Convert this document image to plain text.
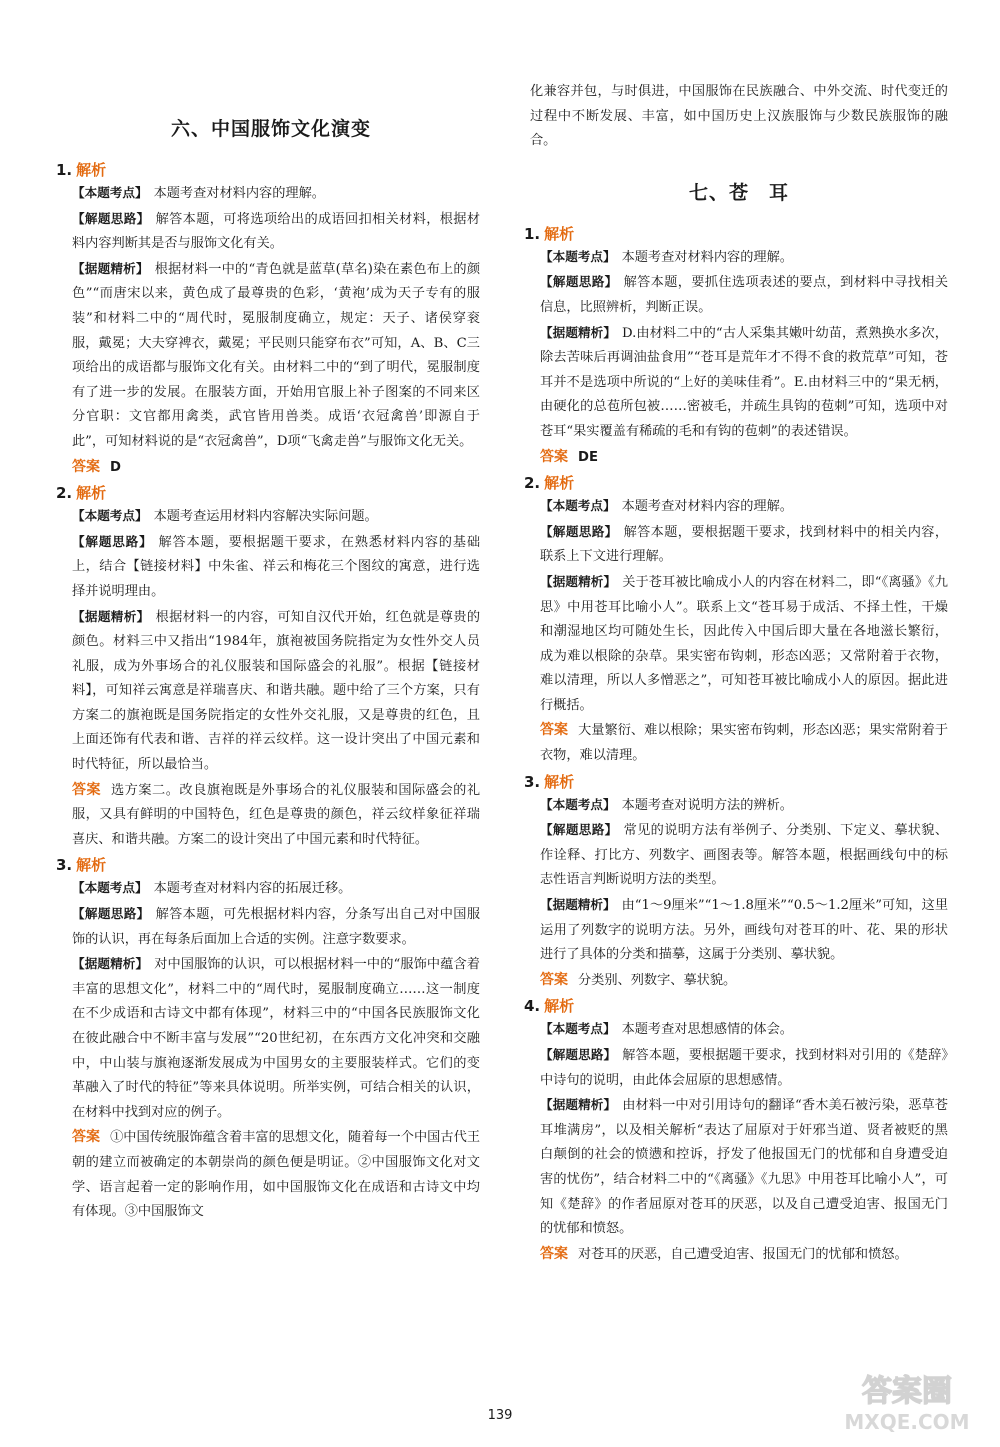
六、中国服饰文化演变
1. 解析

【本题考点】 本题考查对材料内容的理解。

【解题思路】 解答本题，可将选项给出的成语回扣相关材料，根据材料内容判断其是否与服饰文化有关。

【据题精析】 根据材料一中的“青色就是蓝草(草名)染在素色布上的颜色”“而唐宋以来，黄色成了最尊贵的色彩，‘黄袍’成为天子专有的服装”和材料二中的“周代时，冕服制度确立，规定：天子、诸侯穿衮服，戴冕；大夫穿裨衣，戴冕；平民则只能穿布衣”可知，A、B、C三项给出的成语都与服饰文化有关。由材料二中的“到了明代，冕服制度有了进一步的发展。在服装方面，开始用官服上补子图案的不同来区分官职：文官都用禽类，武官皆用兽类。成语‘衣冠禽兽’即源自于此”，可知材料说的是“衣冠禽兽”，D项“飞禽走兽”与服饰文化无关。

答案 D

2. 解析

【本题考点】 本题考查运用材料内容解决实际问题。

【解题思路】 解答本题，要根据题干要求，在熟悉材料内容的基础上，结合【链接材料】中朱雀、祥云和梅花三个图纹的寓意，进行选择并说明理由。

【据题精析】 根据材料一的内容，可知自汉代开始，红色就是尊贵的颜色。材料三中又指出“1984年，旗袍被国务院指定为女性外交人员礼服，成为外事场合的礼仪服装和国际盛会的礼服”。根据【链接材料】，可知祥云寓意是祥瑞喜庆、和谐共融。题中给了三个方案，只有方案二的旗袍既是国务院指定的女性外交礼服，又是尊贵的红色，且上面还饰有代表和谐、吉祥的祥云纹样。这一设计突出了中国元素和时代特征，所以最恰当。

答案 选方案二。改良旗袍既是外事场合的礼仪服装和国际盛会的礼服，又具有鲜明的中国特色，红色是尊贵的颜色，祥云纹样象征祥瑞喜庆、和谐共融。方案二的设计突出了中国元素和时代特征。

3. 解析

【本题考点】 本题考查对材料内容的拓展迁移。

【解题思路】 解答本题，可先根据材料内容，分条写出自己对中国服饰的认识，再在每条后面加上合适的实例。注意字数要求。

【据题精析】 对中国服饰的认识，可以根据材料一中的“服饰中蕴含着丰富的思想文化”，材料二中的“周代时，冕服制度确立……这一制度在不少成语和古诗文中都有体现”，材料三中的“中国各民族服饰文化在彼此融合中不断丰富与发展”“20世纪初，在东西方文化冲突和交融中，中山装与旗袍逐渐发展成为中国男女的主要服装样式。它们的变革融入了时代的特征”等来具体说明。所举实例，可结合相关的认识，在材料中找到对应的例子。

答案 ①中国传统服饰蕴含着丰富的思想文化，随着每一个中国古代王朝的建立而被确定的本朝崇尚的颜色便是明证。②中国服饰文化对文学、语言起着一定的影响作用，如中国服饰文化在成语和古诗文中均有体现。③中国服饰文

化兼容并包，与时俱进，中国服饰在民族融合、中外交流、时代变迁的过程中不断发展、丰富，如中国历史上汉族服饰与少数民族服饰的融合。

七、苍　耳
1. 解析

【本题考点】 本题考查对材料内容的理解。

【解题思路】 解答本题，要抓住选项表述的要点，到材料中寻找相关信息，比照辨析，判断正误。

【据题精析】 D.由材料二中的“古人采集其嫩叶幼苗，煮熟换水多次，除去苦味后再调油盐食用”“苍耳是荒年才不得不食的救荒草”可知，苍耳并不是选项中所说的“上好的美味佳肴”。E.由材料三中的“果无柄，由硬化的总苞所包被……密被毛，并疏生具钩的苞刺”可知，选项中对苍耳“果实覆盖有稀疏的毛和有钩的苞刺”的表述错误。

答案 DE

2. 解析

【本题考点】 本题考查对材料内容的理解。

【解题思路】 解答本题，要根据题干要求，找到材料中的相关内容，联系上下文进行理解。

【据题精析】 关于苍耳被比喻成小人的内容在材料二，即“《离骚》《九思》中用苍耳比喻小人”。联系上文“苍耳易于成活、不择土性，干燥和潮湿地区均可随处生长，因此传入中国后即大量在各地滋长繁衍，成为难以根除的杂草。果实密布钩刺，形态凶恶；又常附着于衣物，难以清理，所以人多憎恶之”，可知苍耳被比喻成小人的原因。据此进行概括。

答案 大量繁衍、难以根除；果实密布钩刺，形态凶恶；果实常附着于衣物，难以清理。

3. 解析

【本题考点】 本题考查对说明方法的辨析。

【解题思路】 常见的说明方法有举例子、分类别、下定义、摹状貌、作诠释、打比方、列数字、画图表等。解答本题，根据画线句中的标志性语言判断说明方法的类型。

【据题精析】 由“1～9厘米”“1～1.8厘米”“0.5～1.2厘米”可知，这里运用了列数字的说明方法。另外，画线句对苍耳的叶、花、果的形状进行了具体的分类和描摹，这属于分类别、摹状貌。

答案 分类别、列数字、摹状貌。

4. 解析

【本题考点】 本题考查对思想感情的体会。

【解题思路】 解答本题，要根据题干要求，找到材料对引用的《楚辞》中诗句的说明，由此体会屈原的思想感情。

【据题精析】 由材料一中对引用诗句的翻译“香木美石被污染，恶草苍耳堆满房”，以及相关解析“表达了屈原对于奸邪当道、贤者被贬的黑白颠倒的社会的愤懑和控诉，抒发了他报国无门的忧郁和自身遭受迫害的忧伤”，结合材料二中的“《离骚》《九思》中用苍耳比喻小人”，可知《楚辞》的作者屈原对苍耳的厌恶，以及自己遭受迫害、报国无门的忧郁和愤怒。

答案 对苍耳的厌恶，自己遭受迫害、报国无门的忧郁和愤怒。

139
答案圈
MXQE.COM
